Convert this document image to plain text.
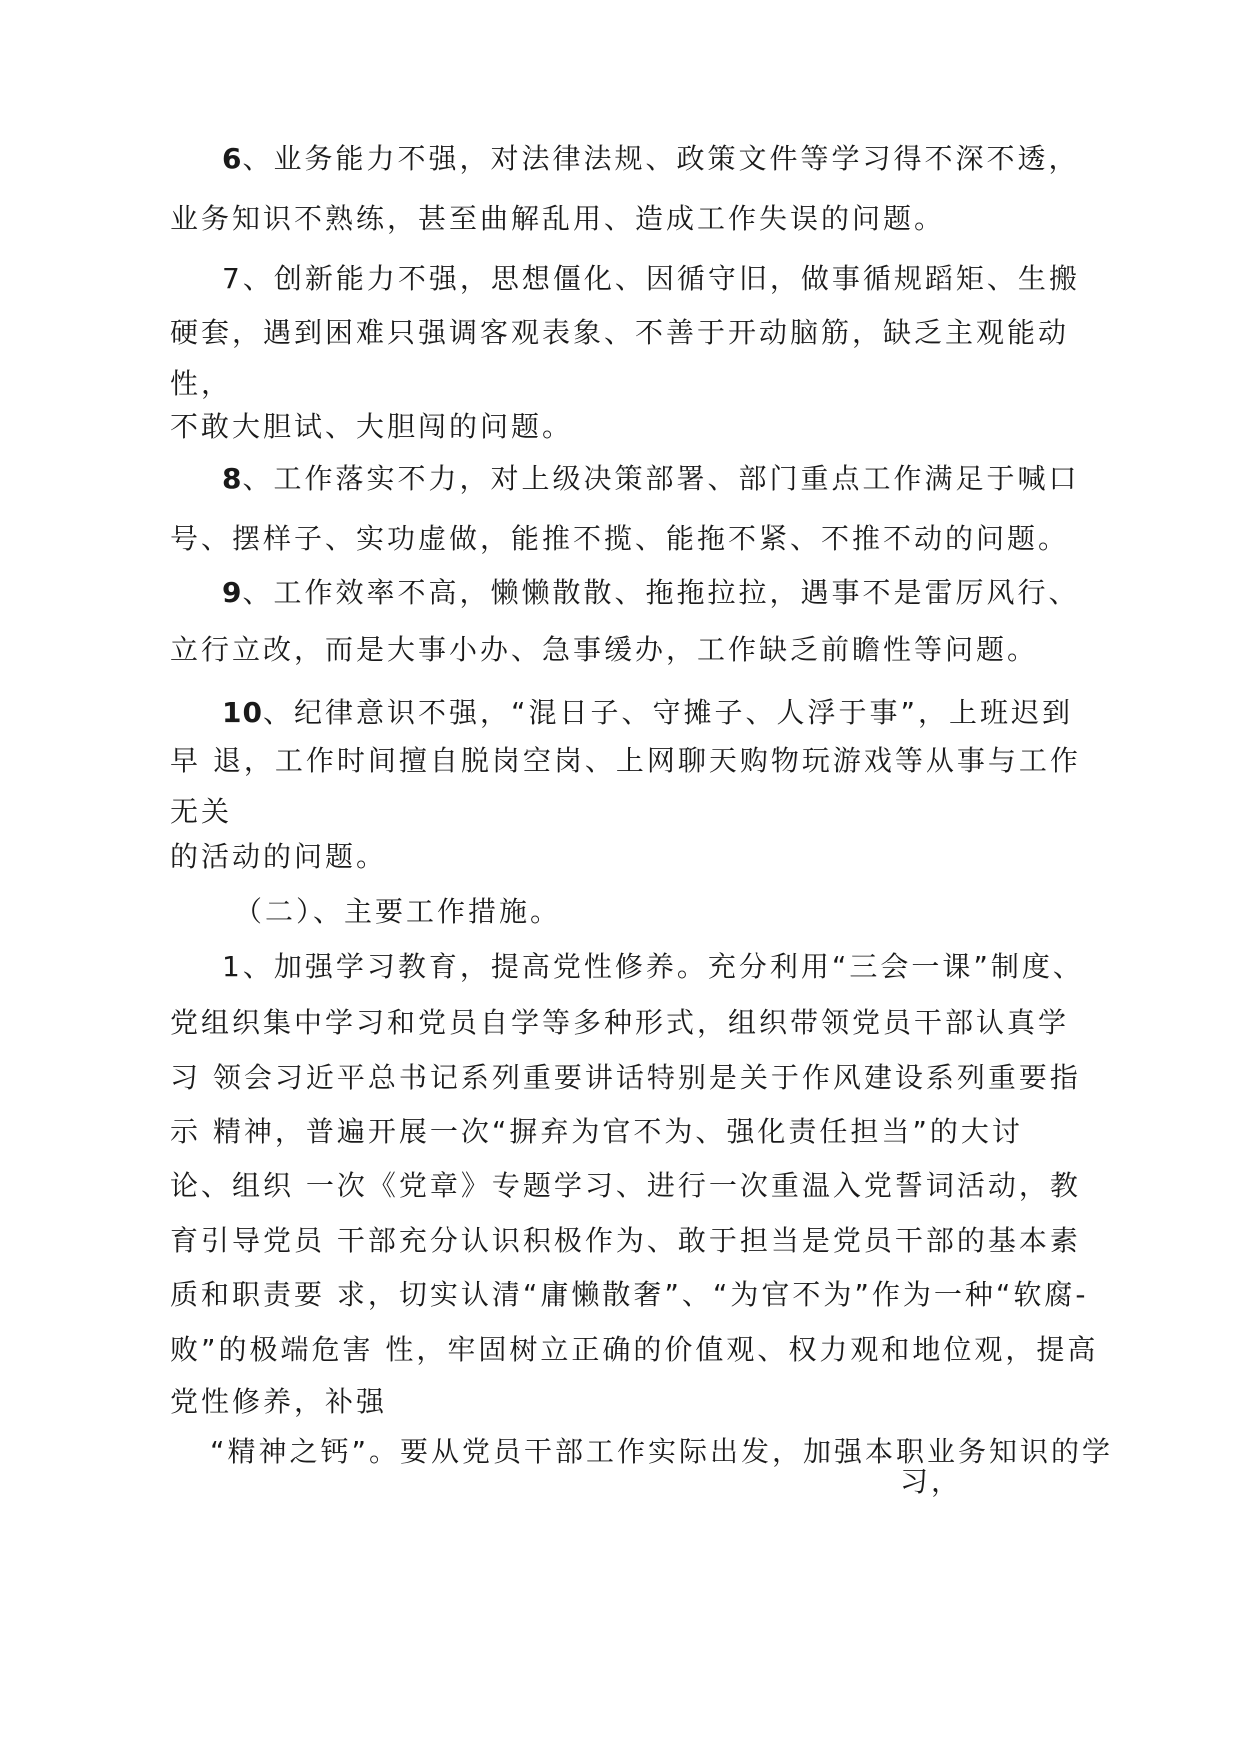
6、业务能力不强，对法律法规、政策文件等学习得不深不透，
业务知识不熟练，甚至曲解乱用、造成工作失误的问题。
7、创新能力不强，思想僵化、因循守旧，做事循规蹈矩、生搬
硬套，遇到困难只强调客观表象、不善于开动脑筋，缺乏主观能动
性，
不敢大胆试、大胆闯的问题。
8、工作落实不力，对上级决策部署、部门重点工作满足于喊口
号、摆样子、实功虚做，能推不揽、能拖不紧、不推不动的问题。
9、工作效率不高，懒懒散散、拖拖拉拉，遇事不是雷厉风行、
立行立改，而是大事小办、急事缓办，工作缺乏前瞻性等问题。
10、纪律意识不强，“混日子、守摊子、人浮于事”，上班迟到
早 退，工作时间擅自脱岗空岗、上网聊天购物玩游戏等从事与工作
无关
的活动的问题。
（二）、主要工作措施。
1、加强学习教育，提高党性修养。充分利用“三会一课”制度、
党组织集中学习和党员自学等多种形式，组织带领党员干部认真学
习 领会习近平总书记系列重要讲话特别是关于作风建设系列重要指
示 精神，普遍开展一次“摒弃为官不为、强化责任担当”的大讨
论、组织 一次《党章》专题学习、进行一次重温入党誓词活动，教
育引导党员 干部充分认识积极作为、敢于担当是党员干部的基本素
质和职责要 求，切实认清“庸懒散奢”、“为官不为”作为一种“软腐-
败”的极端危害 性，牢固树立正确的价值观、权力观和地位观，提高
党性修养，补强
“精神之钙”。要从党员干部工作实际出发，加强本职业务知识的学
习，
